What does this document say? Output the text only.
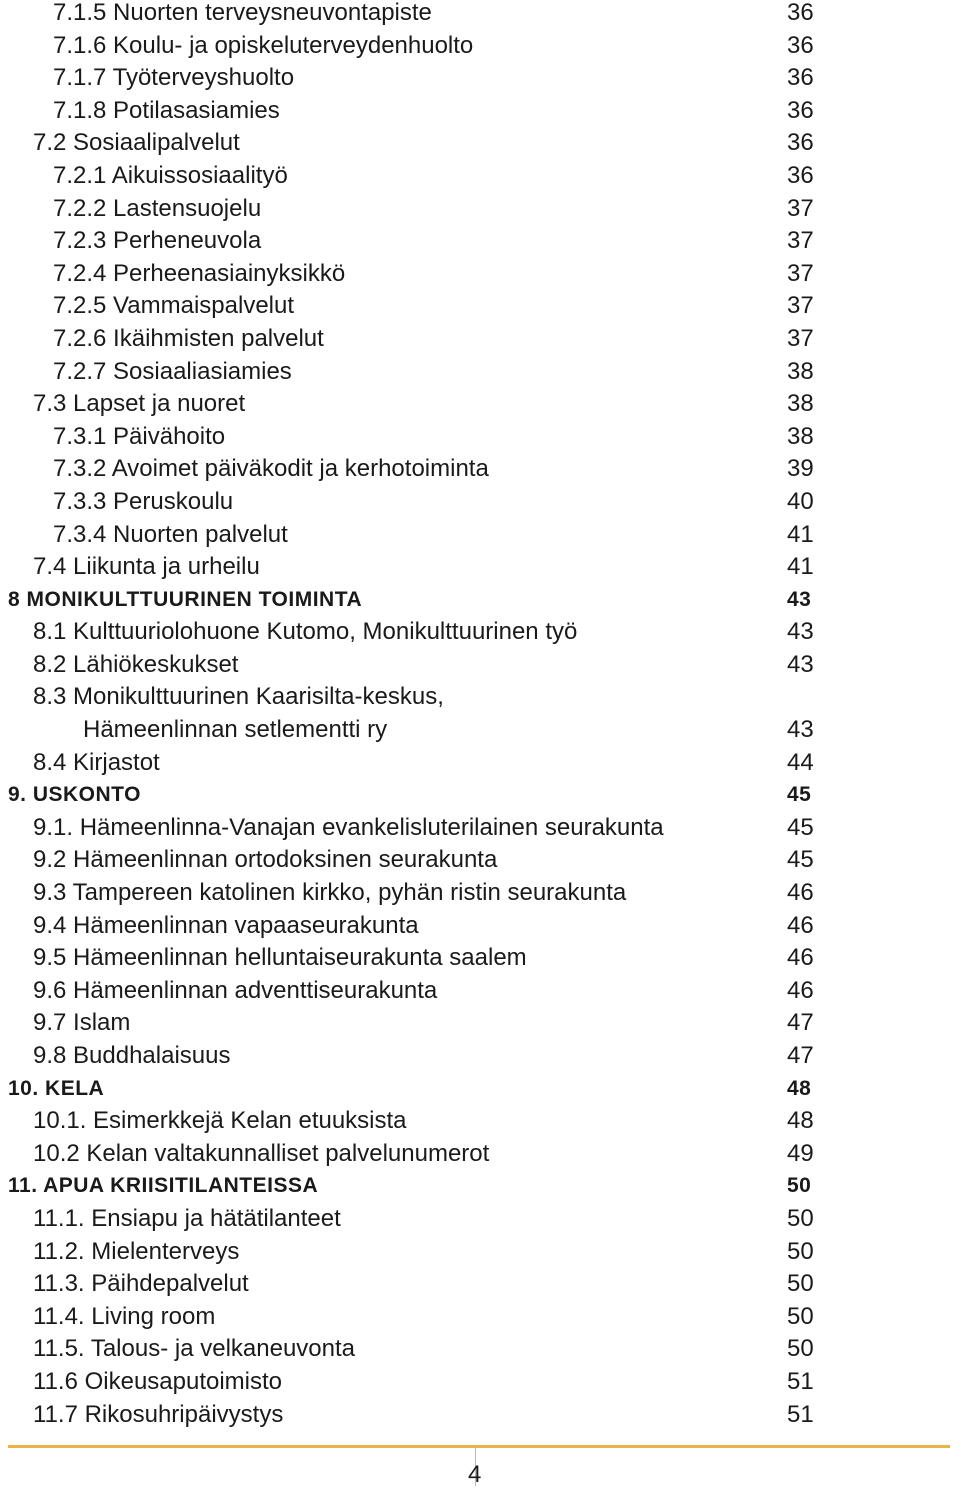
7.1.5 Nuorten terveysneuvontapiste	36
7.1.6 Koulu- ja opiskeluterveydenhuolto	36
7.1.7 Työterveyshuolto	36
7.1.8 Potilasasiamies	36
7.2 Sosiaalipalvelut	36
7.2.1 Aikuissosiaalityö	36
7.2.2 Lastensuojelu	37
7.2.3 Perheneuvola	37
7.2.4 Perheenasiainyksikkö	37
7.2.5 Vammaispalvelut	37
7.2.6 Ikäihmisten palvelut	37
7.2.7 Sosiaaliasiamies	38
7.3 Lapset ja nuoret	38
7.3.1 Päivähoito	38
7.3.2 Avoimet päiväkodit ja kerhotoiminta	39
7.3.3 Peruskoulu	40
7.3.4 Nuorten palvelut	41
7.4 Liikunta ja urheilu	41
8 MONIKULTTUURINEN TOIMINTA	43
8.1 Kulttuuriolohuone Kutomo, Monikulttuurinen työ	43
8.2 Lähiökeskukset	43
8.3 Monikulttuurinen Kaarisilta-keskus,
Hämeenlinnan setlementti ry	43
8.4 Kirjastot	44
9. USKONTO	45
9.1. Hämeenlinna-Vanajan evankelisluterilainen seurakunta	45
9.2 Hämeenlinnan ortodoksinen seurakunta	45
9.3 Tampereen katolinen kirkko, pyhän ristin seurakunta	46
9.4 Hämeenlinnan vapaaseurakunta	46
9.5 Hämeenlinnan helluntaiseurakunta saalem	46
9.6 Hämeenlinnan adventtiseurakunta	46
9.7 Islam	47
9.8 Buddhalaisuus	47
10. KELA	48
10.1. Esimerkkejä Kelan etuuksista	48
10.2 Kelan valtakunnalliset palvelunumerot	49
11. APUA KRIISITILANTEISSA	50
11.1. Ensiapu ja hätätilanteet	50
11.2. Mielenterveys	50
11.3. Päihdepalvelut	50
11.4. Living room	50
11.5. Talous- ja velkaneuvonta	50
11.6 Oikeusaputoimisto	51
11.7 Rikosuhripäivystys	51
4
